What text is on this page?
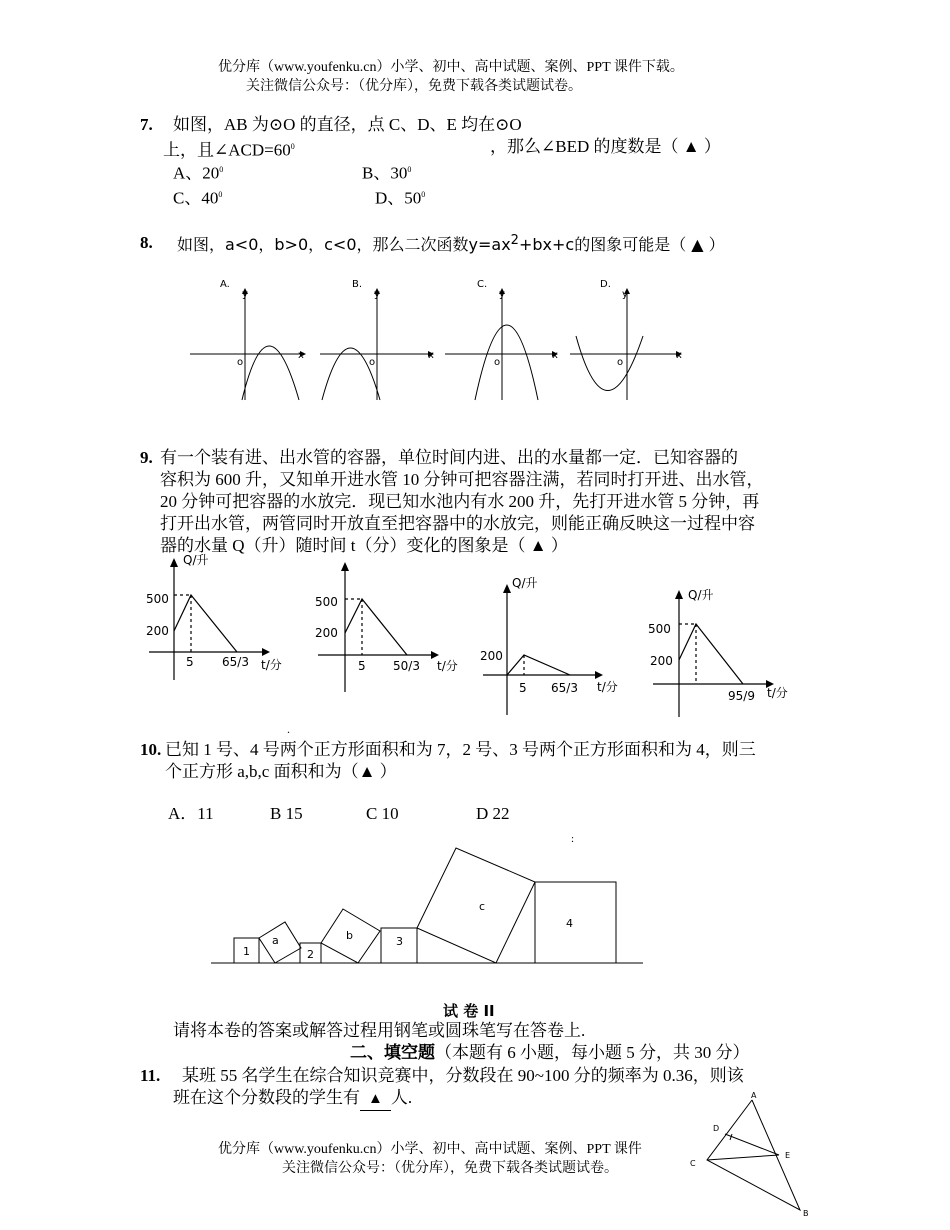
优分库（www.youfenku.cn）小学、初中、高中试题、案例、PPT 课件下载。
关注微信公众号：（优分库），免费下载各类试题试卷。
7. 如图，AB 为⊙O 的直径，点 C、D、E 均在⊙O
上，且$\angle ACD=60^0$	，那么∠BED 的度数是（ ▲ ）
A、$20^0$	B、$30^0$
C、$40^0$	D、$50^0$
8. 如图，a<0，b>0，c<0，那么二次函数$y=ax^2+bx+c$的图象可能是（ ▲ ）
A.
y
x
o
B.
y
x
o
C.
y
x
o
D.
y
x
o
9. 有一个装有进、出水管的容器，单位时间内进、出的水量都一定．已知容器的
容积为 600 升，又知单开进水管 10 分钟可把容器注满，若同时打开进、出水管，
20 分钟可把容器的水放完．现已知水池内有水 200 升，先打开进水管 5 分钟，再
打开出水管，两管同时开放直至把容器中的水放完，则能正确反映这一过程中容
器的水量 Q（升）随时间 t（分）变化的图象是（ ▲ ）
Q/升
500
200
5 65/3 t/分
500
200
5 50/3 t/分
Q/升
200
5 65/3 t/分
Q/升
500
200
95/9 t/分
.
10. 已知 1 号、4 号两个正方形面积和为 7，2 号、3 号两个正方形面积和为 4，则三
个正方形 a,b,c 面积和为（▲ ）
A．11	B 15	C 10	D 22
:
1
a
2
b	3
c
4
试 卷 II
请将本卷的答案或解答过程用钢笔或圆珠笔写在答卷上.
二、填空题（本题有 6 小题，每小题 5 分，共 30 分）
11. 某班 55 名学生在综合知识竞赛中，分数段在 90~100 分的频率为 0.36，则该
班在这个分数段的学生有 ▲ 人.	A
D
E
C
B
优分库（www.youfenku.cn）小学、初中、高中试题、案例、PPT 课件
关注微信公众号：（优分库），免费下载各类试题试卷。
